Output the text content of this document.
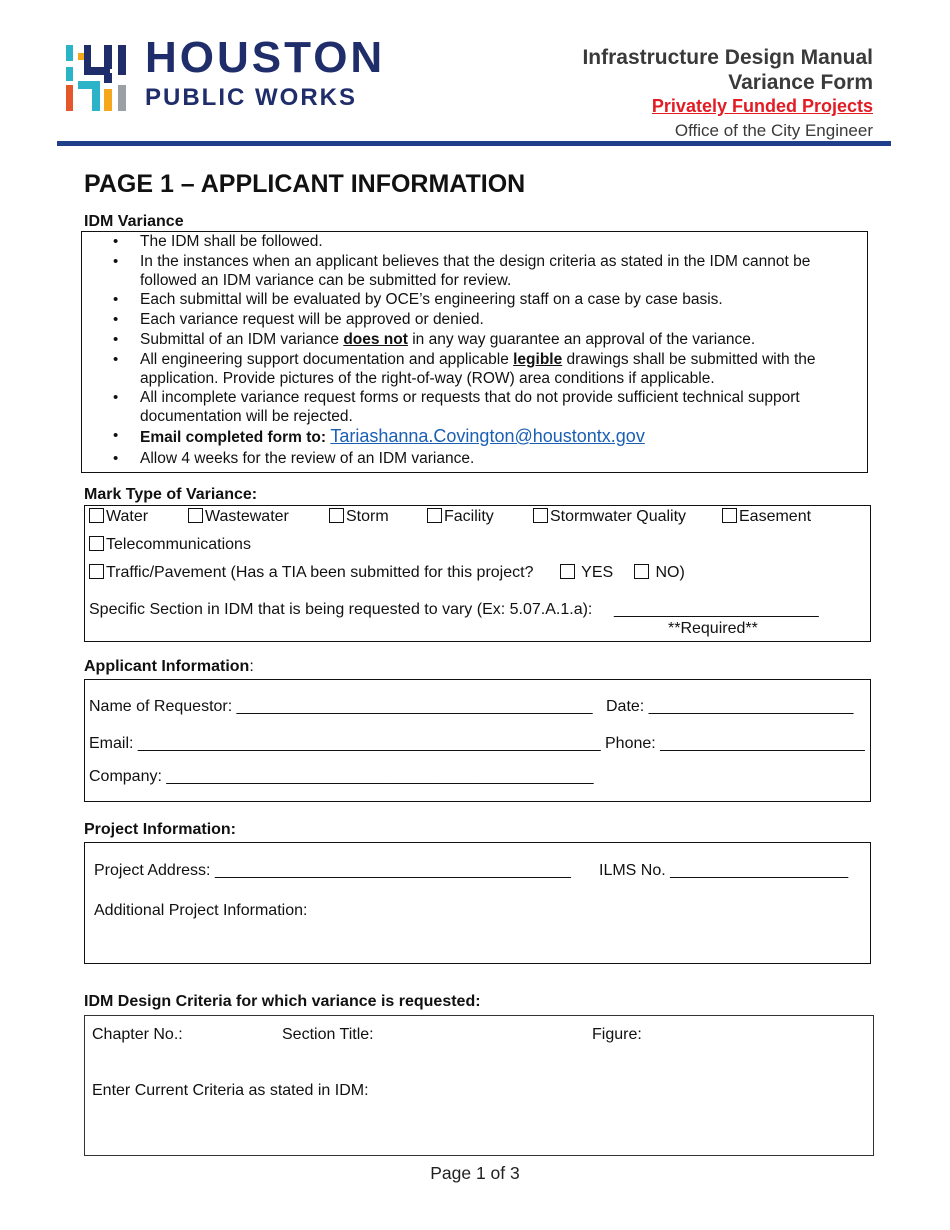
HOUSTON
PUBLIC WORKS
Infrastructure Design Manual
Variance Form
Privately Funded Projects
Office of the City Engineer
PAGE 1 – APPLICANT INFORMATION
IDM Variance
• The IDM shall be followed.
• In the instances when an applicant believes that the design criteria as stated in the IDM cannot be followed an IDM variance can be submitted for review.
• Each submittal will be evaluated by OCE’s engineering staff on a case by case basis.
• Each variance request will be approved or denied.
• Submittal of an IDM variance does not in any way guarantee an approval of the variance.
• All engineering support documentation and applicable legible drawings shall be submitted with the application. Provide pictures of the right-of-way (ROW) area conditions if applicable.
• All incomplete variance request forms or requests that do not provide sufficient technical support documentation will be rejected.
• Email completed form to: Tariashanna.Covington@houstontx.gov
• Allow 4 weeks for the review of an IDM variance.
Mark Type of Variance:
Water	Wastewater	Storm	Facility	Stormwater Quality	Easement
Telecommunications
Traffic/Pavement (Has a TIA been submitted for this project?	YES	NO)
Specific Section in IDM that is being requested to vary (Ex: 5.07.A.1.a): _______________________
**Required**
Applicant Information:
Name of Requestor: ________________________________________ Date: _______________________
Email: ____________________________________________________ Phone: _______________________
Company: ________________________________________________
Project Information:
Project Address: ________________________________________ ILMS No. ____________________
Additional Project Information:
IDM Design Criteria for which variance is requested:
Chapter No.:	Section Title:	Figure:
Enter Current Criteria as stated in IDM:
Page 1 of 3
